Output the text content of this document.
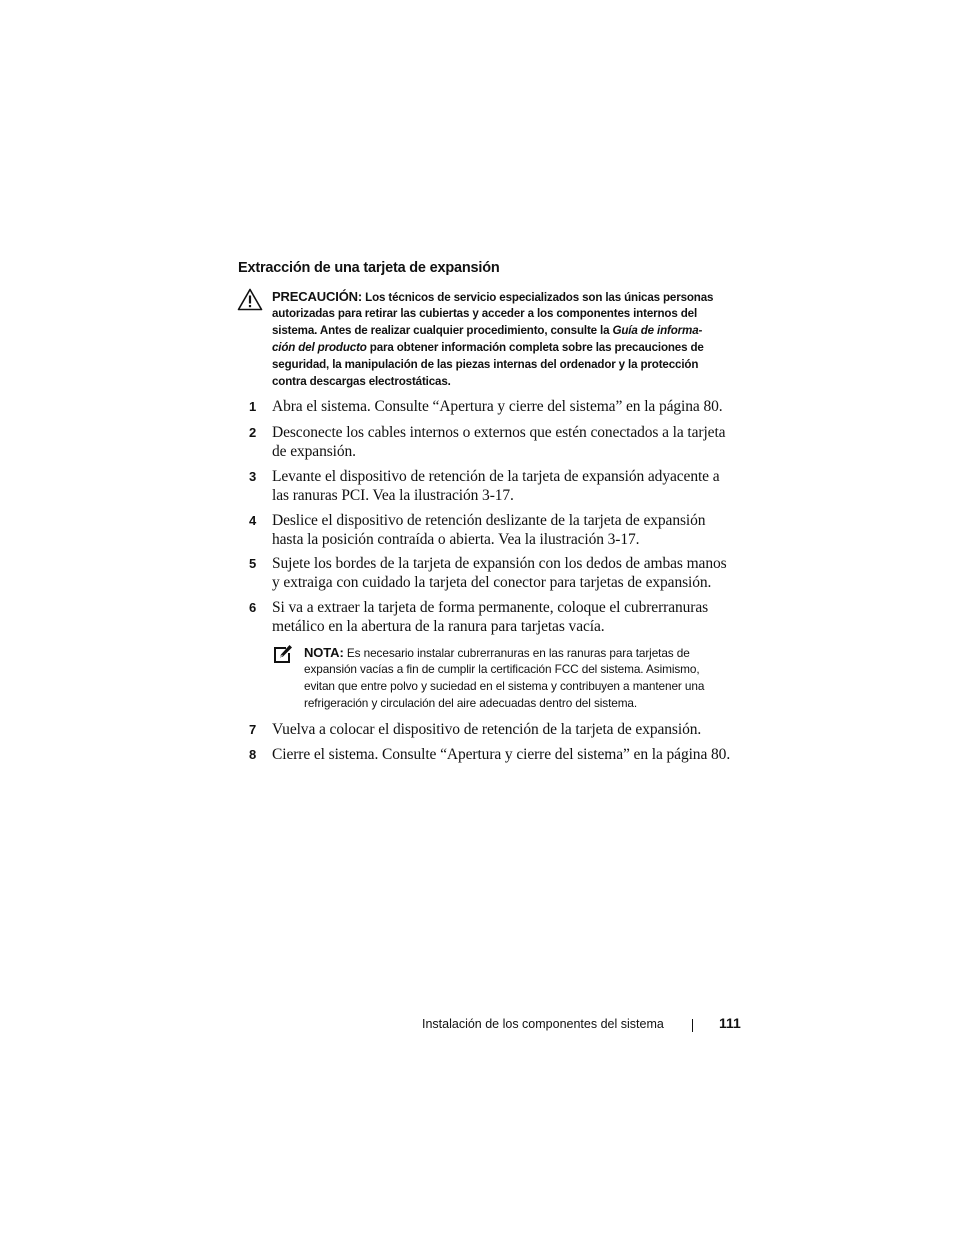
Extracción de una tarjeta de expansión
PRECAUCIÓN: Los técnicos de servicio especializados son las únicas personas
autorizadas para retirar las cubiertas y acceder a los componentes internos del
sistema. Antes de realizar cualquier procedimiento, consulte la Guía de informa-
ción del producto para obtener información completa sobre las precauciones de
seguridad, la manipulación de las piezas internas del ordenador y la protección
contra descargas electrostáticas.
1 Abra el sistema. Consulte “Apertura y cierre del sistema” en la página 80.
2 Desconecte los cables internos o externos que estén conectados a la tarjeta
de expansión.
3 Levante el dispositivo de retención de la tarjeta de expansión adyacente a
las ranuras PCI. Vea la ilustración 3-17.
4 Deslice el dispositivo de retención deslizante de la tarjeta de expansión
hasta la posición contraída o abierta. Vea la ilustración 3-17.
5 Sujete los bordes de la tarjeta de expansión con los dedos de ambas manos
y extraiga con cuidado la tarjeta del conector para tarjetas de expansión.
6 Si va a extraer la tarjeta de forma permanente, coloque el cubrerranuras
metálico en la abertura de la ranura para tarjetas vacía.
NOTA: Es necesario instalar cubrerranuras en las ranuras para tarjetas de
expansión vacías a fin de cumplir la certificación FCC del sistema. Asimismo,
evitan que entre polvo y suciedad en el sistema y contribuyen a mantener una
refrigeración y circulación del aire adecuadas dentro del sistema.
7 Vuelva a colocar el dispositivo de retención de la tarjeta de expansión.
8 Cierre el sistema. Consulte “Apertura y cierre del sistema” en la página 80.
Instalación de los componentes del sistema	111
